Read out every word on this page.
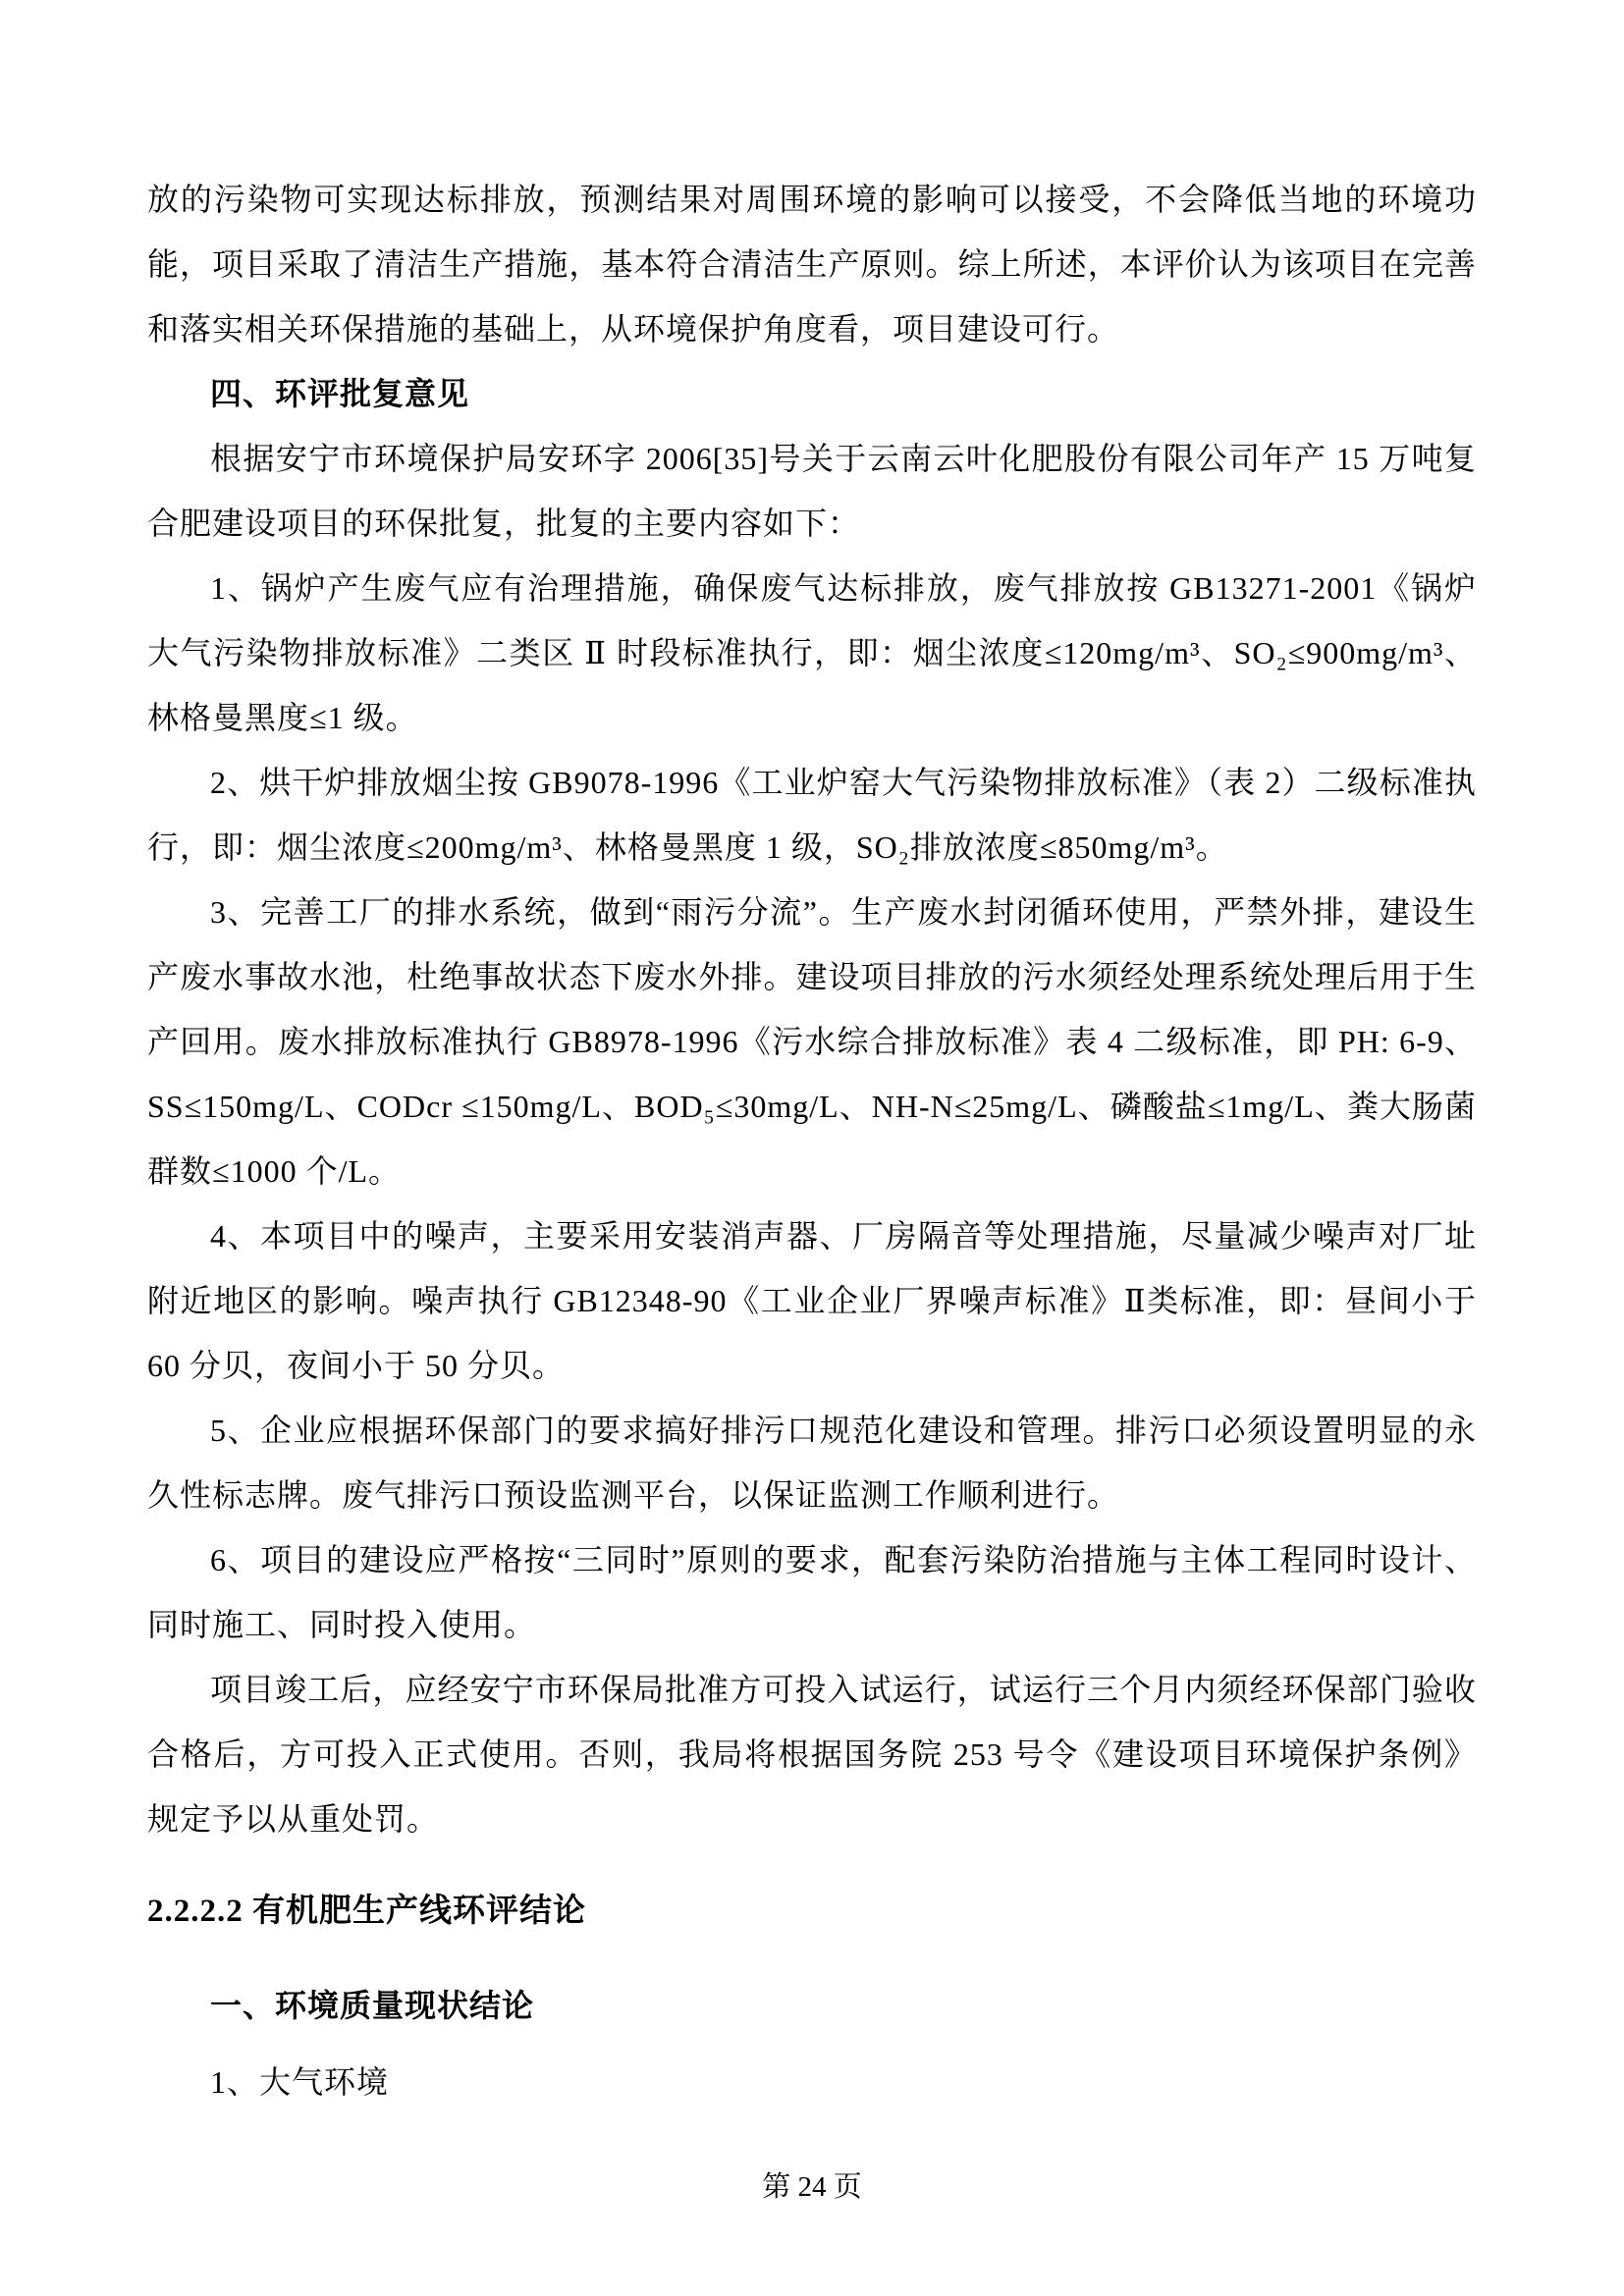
放的污染物可实现达标排放，预测结果对周围环境的影响可以接受，不会降低当地的环境功能，项目采取了清洁生产措施，基本符合清洁生产原则。综上所述，本评价认为该项目在完善和落实相关环保措施的基础上，从环境保护角度看，项目建设可行。

四、环评批复意见

根据安宁市环境保护局安环字 2006[35]号关于云南云叶化肥股份有限公司年产 15 万吨复合肥建设项目的环保批复，批复的主要内容如下：

1、锅炉产生废气应有治理措施，确保废气达标排放，废气排放按 GB13271-2001《锅炉大气污染物排放标准》二类区 Ⅱ 时段标准执行，即：烟尘浓度≤120mg/m³、SO₂≤900mg/m³、林格曼黑度≤1 级。

2、烘干炉排放烟尘按 GB9078-1996《工业炉窑大气污染物排放标准》（表 2）二级标准执行，即：烟尘浓度≤200mg/m³、林格曼黑度 1 级，SO₂排放浓度≤850mg/m³。

3、完善工厂的排水系统，做到“雨污分流”。生产废水封闭循环使用，严禁外排，建设生产废水事故水池，杜绝事故状态下废水外排。建设项目排放的污水须经处理系统处理后用于生产回用。废水排放标准执行 GB8978-1996《污水综合排放标准》表 4 二级标准，即 PH: 6-9、SS≤150mg/L、CODcr ≤150mg/L、BOD₅≤30mg/L、NH-N≤25mg/L、磷酸盐≤1mg/L、粪大肠菌群数≤1000 个/L。

4、本项目中的噪声，主要采用安装消声器、厂房隔音等处理措施，尽量减少噪声对厂址附近地区的影响。噪声执行 GB12348-90《工业企业厂界噪声标准》Ⅱ类标准，即：昼间小于 60 分贝，夜间小于 50 分贝。

5、企业应根据环保部门的要求搞好排污口规范化建设和管理。排污口必须设置明显的永久性标志牌。废气排污口预设监测平台，以保证监测工作顺利进行。

6、项目的建设应严格按“三同时”原则的要求，配套污染防治措施与主体工程同时设计、同时施工、同时投入使用。

项目竣工后，应经安宁市环保局批准方可投入试运行，试运行三个月内须经环保部门验收合格后，方可投入正式使用。否则，我局将根据国务院 253 号令《建设项目环境保护条例》规定予以从重处罚。

2.2.2.2 有机肥生产线环评结论
一、环境质量现状结论

1、大气环境

第 24 页
